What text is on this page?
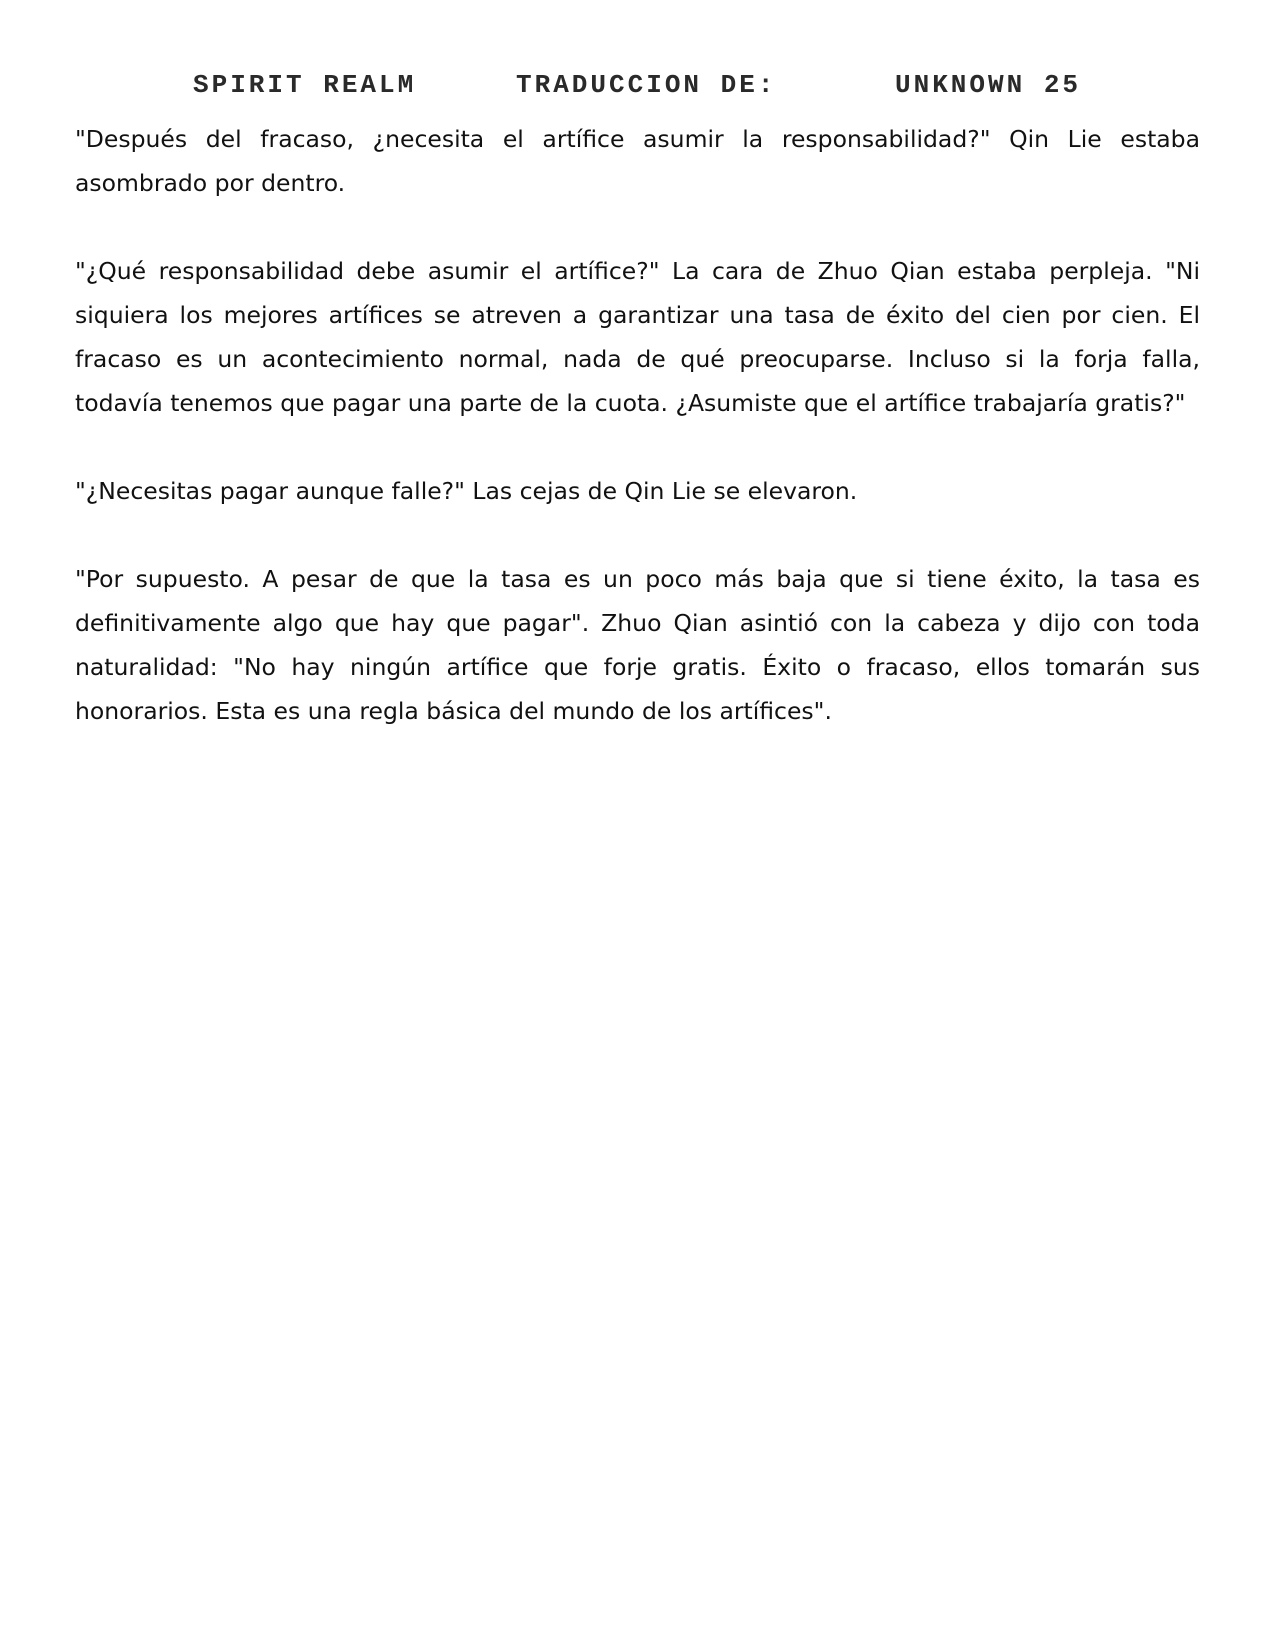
SPIRIT REALM	TRADUCCION DE:	UNKNOWN 25

"Después del fracaso, ¿necesita el artífice asumir la responsabilidad?" Qin Lie estaba asombrado por dentro.

"¿Qué responsabilidad debe asumir el artífice?" La cara de Zhuo Qian estaba perpleja. "Ni siquiera los mejores artífices se atreven a garantizar una tasa de éxito del cien por cien. El fracaso es un acontecimiento normal, nada de qué preocuparse. Incluso si la forja falla, todavía tenemos que pagar una parte de la cuota. ¿Asumiste que el artífice trabajaría gratis?"

"¿Necesitas pagar aunque falle?" Las cejas de Qin Lie se elevaron.

"Por supuesto. A pesar de que la tasa es un poco más baja que si tiene éxito, la tasa es definitivamente algo que hay que pagar". Zhuo Qian asintió con la cabeza y dijo con toda naturalidad: "No hay ningún artífice que forje gratis. Éxito o fracaso, ellos tomarán sus honorarios. Esta es una regla básica del mundo de los artífices".
